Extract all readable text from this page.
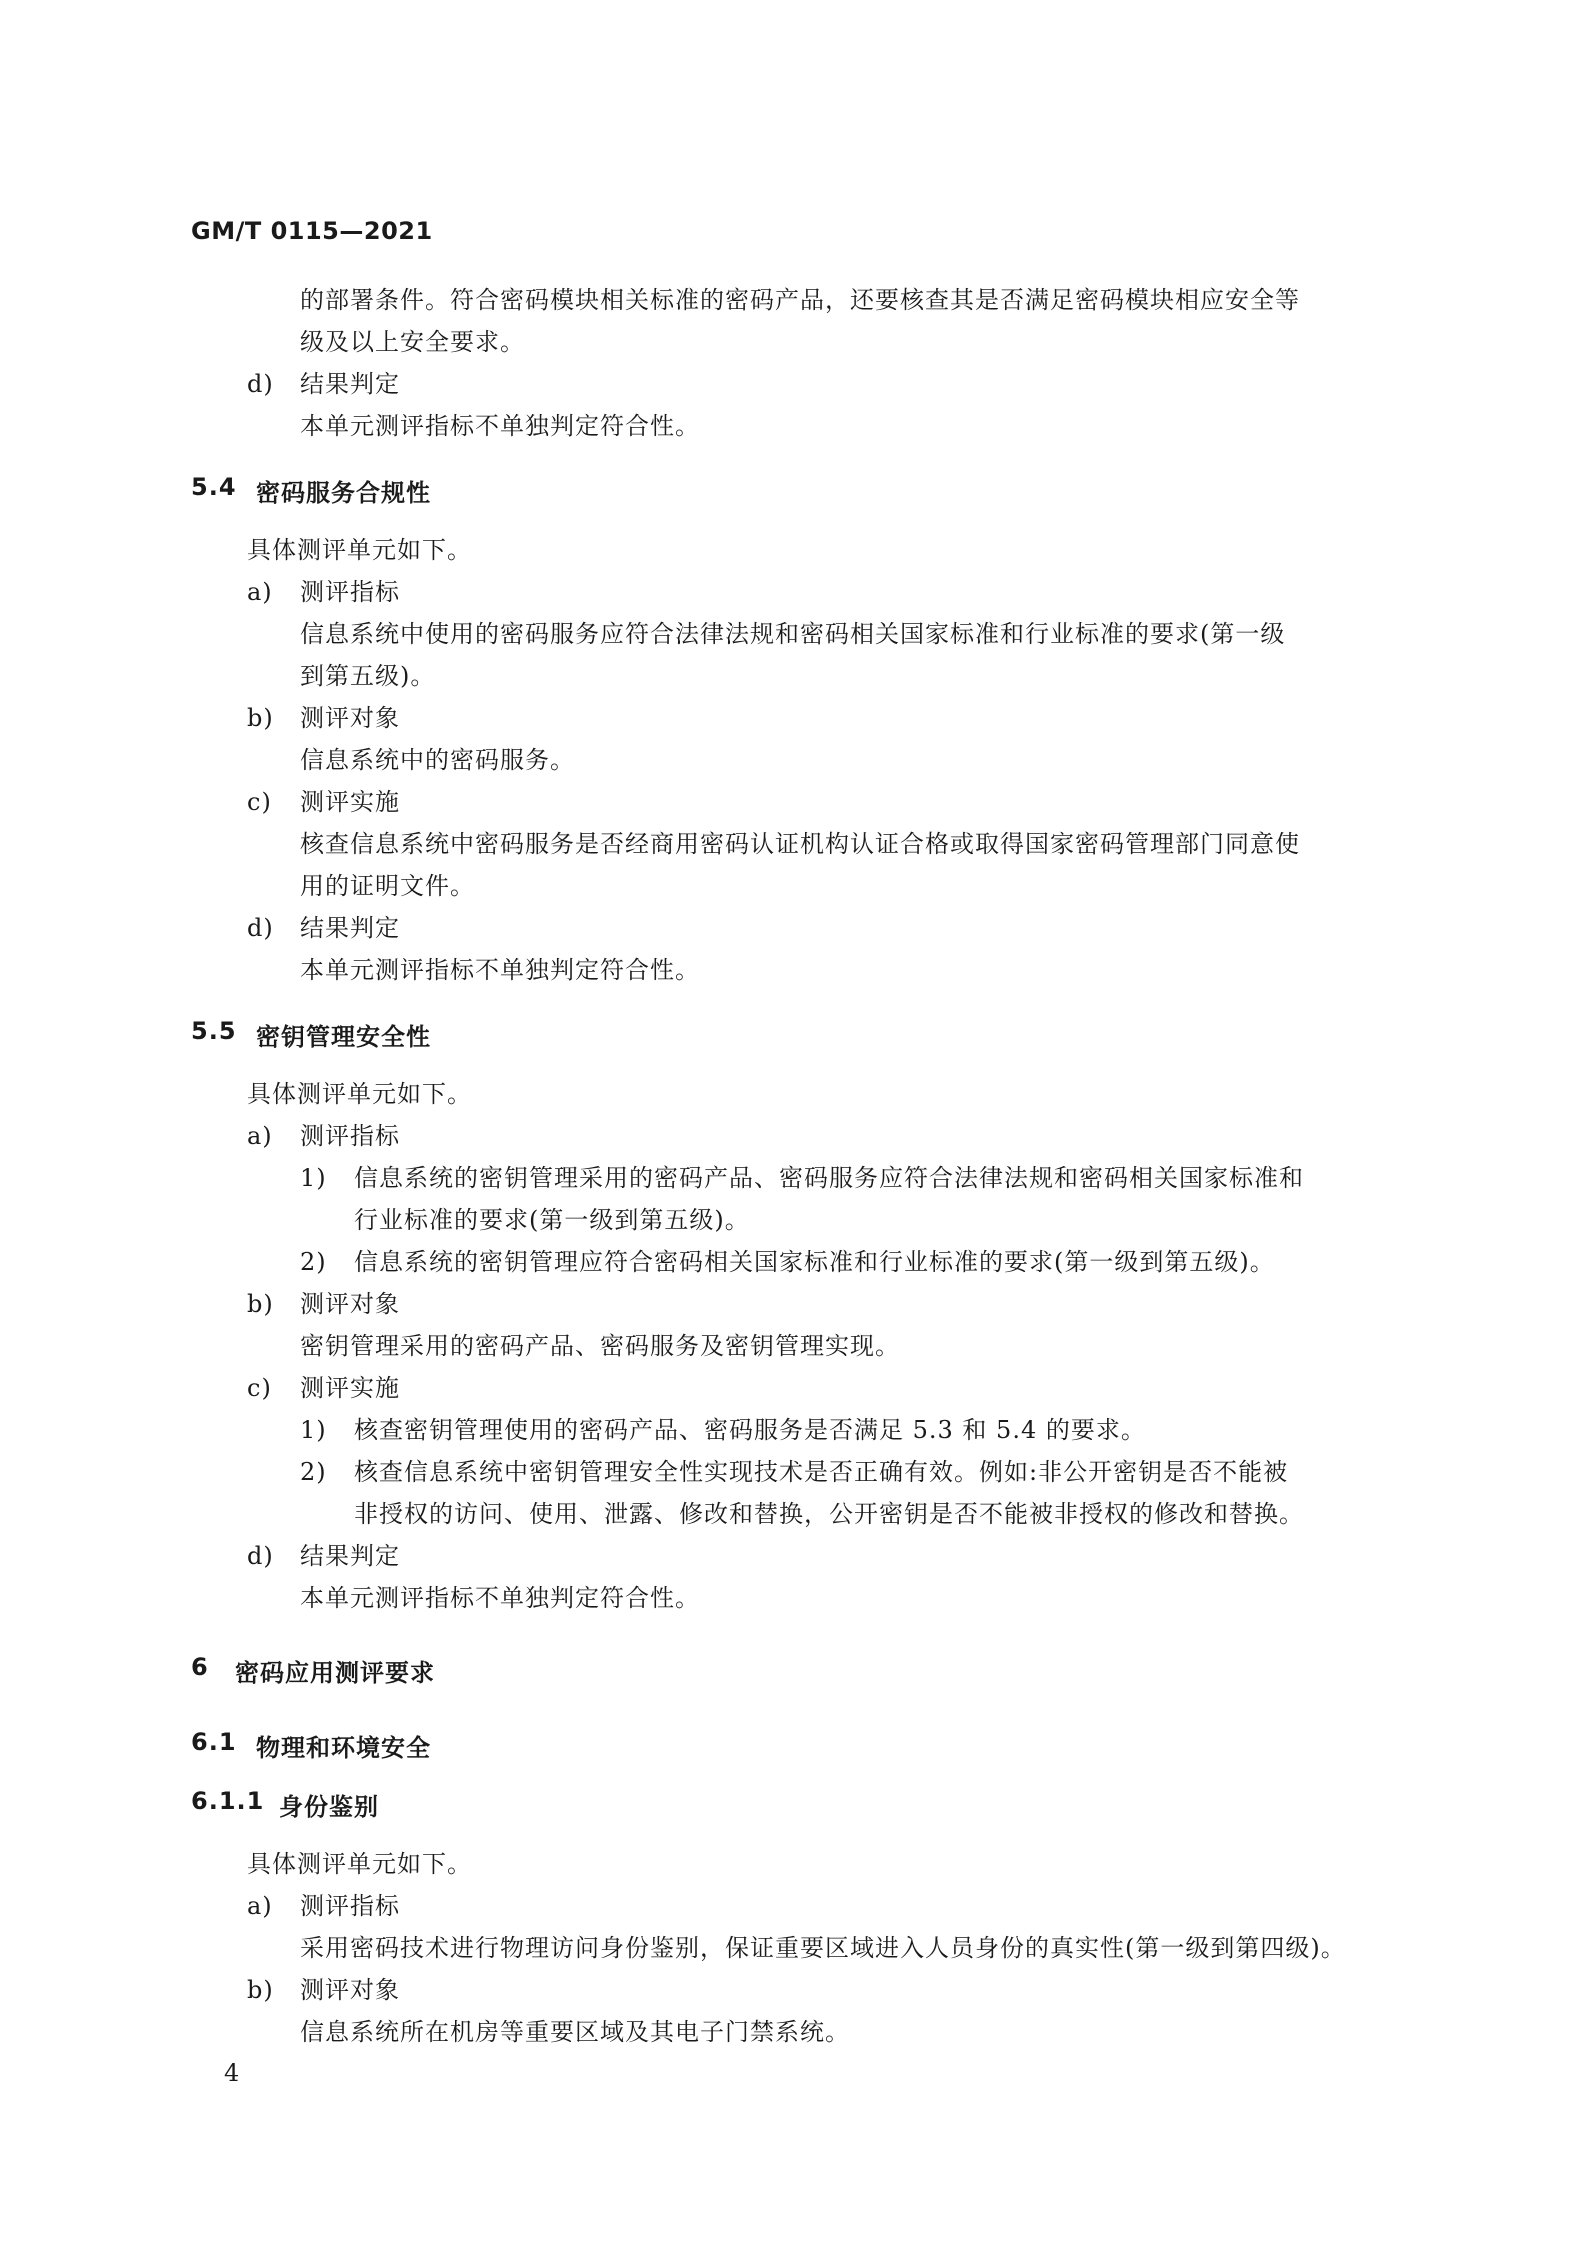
GM/T 0115—2021
的部署条件。符合密码模块相关标准的密码产品，还要核查其是否满足密码模块相应安全等
级及以上安全要求。
d) 结果判定
本单元测评指标不单独判定符合性。
5.4 密码服务合规性
具体测评单元如下。
a) 测评指标
信息系统中使用的密码服务应符合法律法规和密码相关国家标准和行业标准的要求(第一级
到第五级)。
b) 测评对象
信息系统中的密码服务。
c) 测评实施
核查信息系统中密码服务是否经商用密码认证机构认证合格或取得国家密码管理部门同意使
用的证明文件。
d) 结果判定
本单元测评指标不单独判定符合性。
5.5 密钥管理安全性
具体测评单元如下。
a) 测评指标
1) 信息系统的密钥管理采用的密码产品、密码服务应符合法律法规和密码相关国家标准和
行业标准的要求(第一级到第五级)。
2) 信息系统的密钥管理应符合密码相关国家标准和行业标准的要求(第一级到第五级)。
b) 测评对象
密钥管理采用的密码产品、密码服务及密钥管理实现。
c) 测评实施
1) 核查密钥管理使用的密码产品、密码服务是否满足 5.3 和 5.4 的要求。
2) 核查信息系统中密钥管理安全性实现技术是否正确有效。例如:非公开密钥是否不能被
非授权的访问、使用、泄露、修改和替换，公开密钥是否不能被非授权的修改和替换。
d) 结果判定
本单元测评指标不单独判定符合性。
6 密码应用测评要求
6.1 物理和环境安全
6.1.1 身份鉴别
具体测评单元如下。
a) 测评指标
采用密码技术进行物理访问身份鉴别，保证重要区域进入人员身份的真实性(第一级到第四级)。
b) 测评对象
信息系统所在机房等重要区域及其电子门禁系统。
4
